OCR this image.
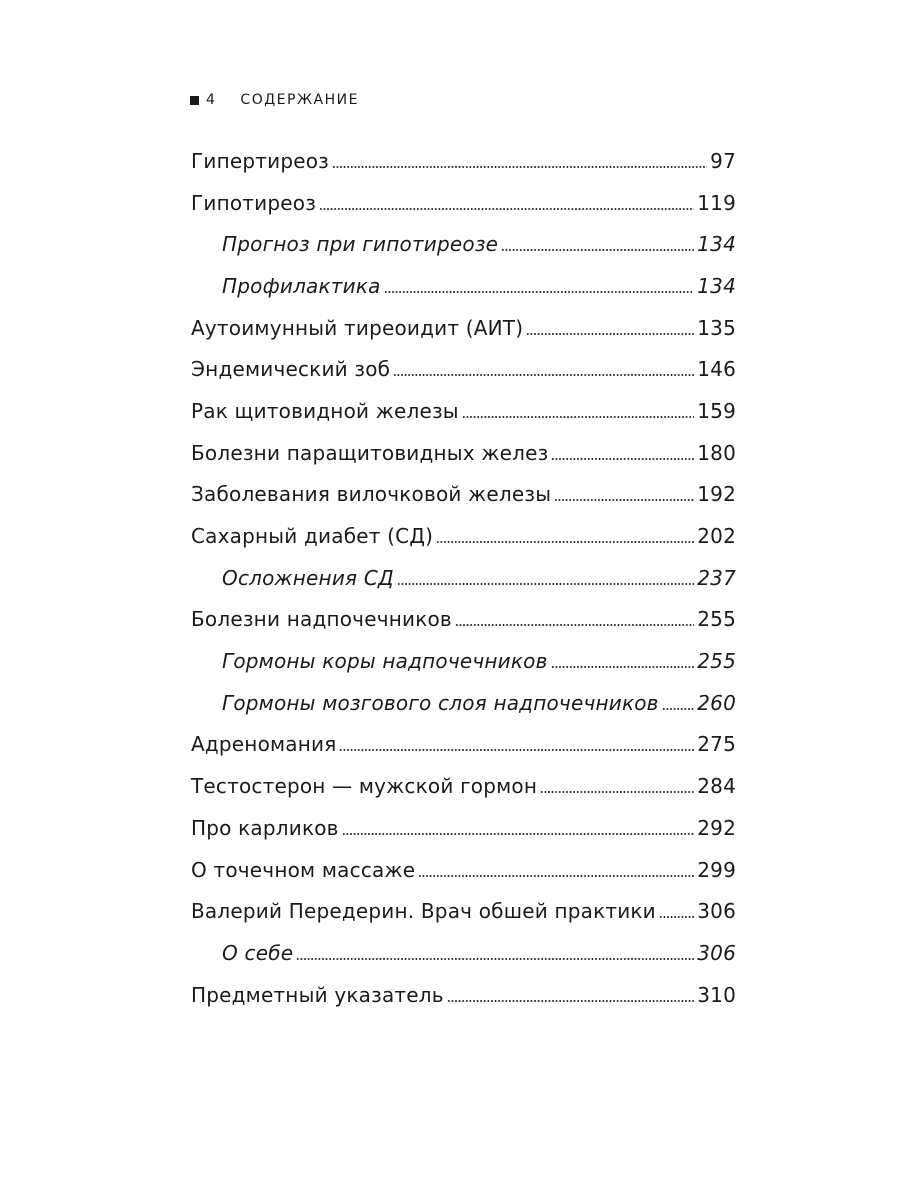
4 СОДЕРЖАНИЕ
Гипертиреоз	97
Гипотиреоз	119
Прогноз при гипотиреозе	134
Профилактика	134
Аутоимунный тиреоидит (АИТ)	135
Эндемический зоб	146
Рак щитовидной железы	159
Болезни паращитовидных желез	180
Заболевания вилочковой железы	192
Сахарный диабет (СД)	202
Осложнения СД	237
Болезни надпочечников	255
Гормоны коры надпочечников	255
Гормоны мозгового слоя надпочечников 260
Адреномания	275
Тестостерон — мужской гормон	284
Про карликов	292
О точечном массаже	299
Валерий Передерин. Врач обшей практики 306
О себе	306
Предметный указатель	310
